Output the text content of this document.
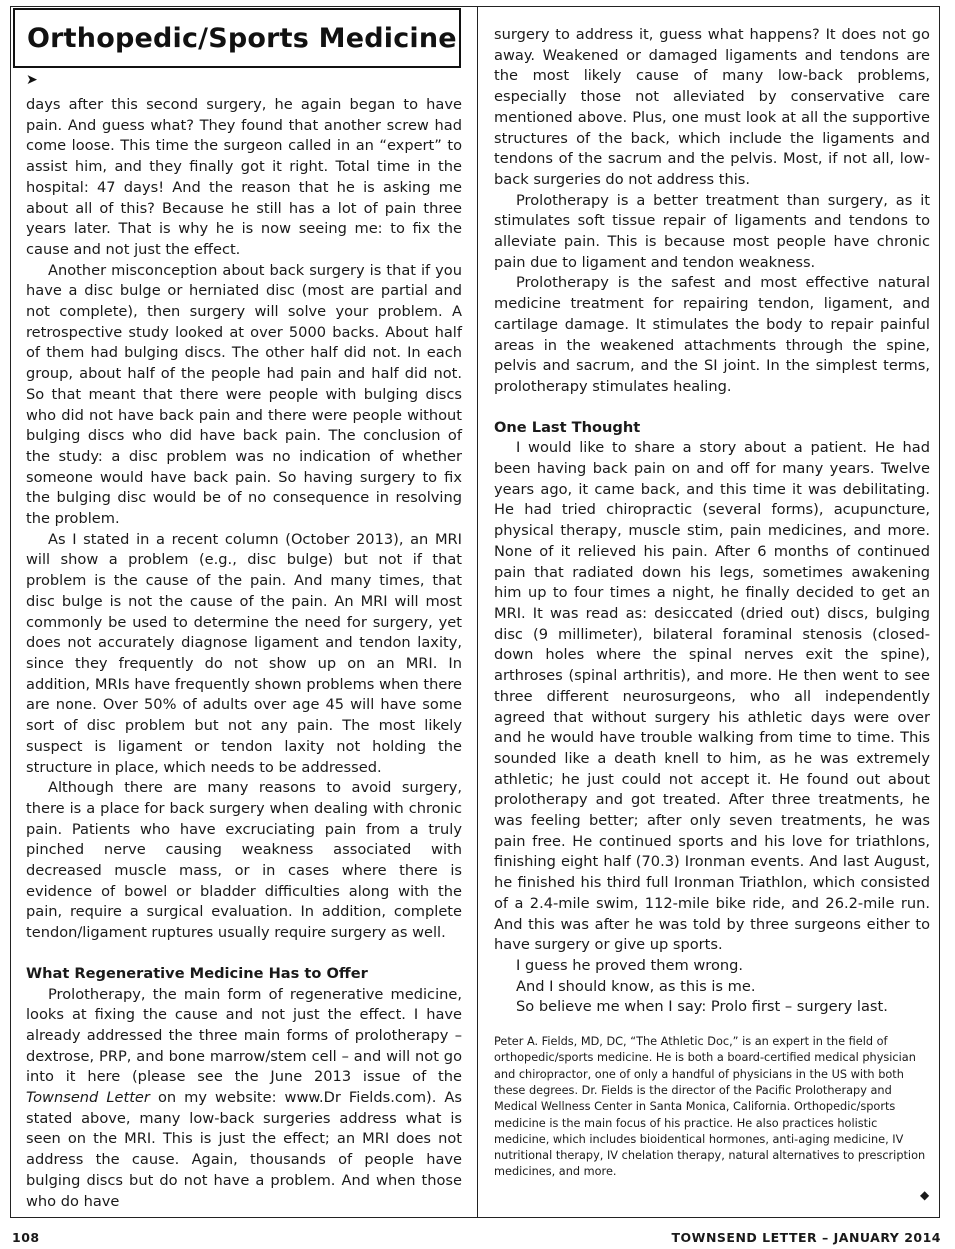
Orthopedic/Sports Medicine
➤

days after this second surgery, he again began to have pain. And guess what? They found that another screw had come loose. This time the surgeon called in an “expert” to assist him, and they finally got it right. Total time in the hospital: 47 days! And the reason that he is asking me about all of this? Because he still has a lot of pain three years later. That is why he is now seeing me: to fix the cause and not just the effect.

Another misconception about back surgery is that if you have a disc bulge or herniated disc (most are partial and not complete), then surgery will solve your problem. A retrospective study looked at over 5000 backs. About half of them had bulging discs. The other half did not. In each group, about half of the people had pain and half did not. So that meant that there were people with bulging discs who did not have back pain and there were people without bulging discs who did have back pain. The conclusion of the study: a disc problem was no indication of whether someone would have back pain. So having surgery to fix the bulging disc would be of no consequence in resolving the problem.

As I stated in a recent column (October 2013), an MRI will show a problem (e.g., disc bulge) but not if that problem is the cause of the pain. And many times, that disc bulge is not the cause of the pain. An MRI will most commonly be used to determine the need for surgery, yet does not accurately diagnose ligament and tendon laxity, since they frequently do not show up on an MRI. In addition, MRIs have frequently shown problems when there are none. Over 50% of adults over age 45 will have some sort of disc problem but not any pain. The most likely suspect is ligament or tendon laxity not holding the structure in place, which needs to be addressed.

Although there are many reasons to avoid surgery, there is a place for back surgery when dealing with chronic pain. Patients who have excruciating pain from a truly pinched nerve causing weakness associated with decreased muscle mass, or in cases where there is evidence of bowel or bladder difficulties along with the pain, require a surgical evaluation. In addition, complete tendon/ligament ruptures usually require surgery as well.

What Regenerative Medicine Has to Offer

Prolotherapy, the main form of regenerative medicine, looks at fixing the cause and not just the effect. I have already addressed the three main forms of prolotherapy – dextrose, PRP, and bone marrow/stem cell – and will not go into it here (please see the June 2013 issue of the Townsend Letter on my website: www.Dr Fields.com). As stated above, many low-back surgeries address what is seen on the MRI. This is just the effect; an MRI does not address the cause. Again, thousands of people have bulging discs but do not have a problem. And when those who do have

surgery to address it, guess what happens? It does not go away. Weakened or damaged ligaments and tendons are the most likely cause of many low-back problems, especially those not alleviated by conservative care mentioned above. Plus, one must look at all the supportive structures of the back, which include the ligaments and tendons of the sacrum and the pelvis. Most, if not all, low-back surgeries do not address this.

Prolotherapy is a better treatment than surgery, as it stimulates soft tissue repair of ligaments and tendons to alleviate pain. This is because most people have chronic pain due to ligament and tendon weakness.

Prolotherapy is the safest and most effective natural medicine treatment for repairing tendon, ligament, and cartilage damage. It stimulates the body to repair painful areas in the weakened attachments through the spine, pelvis and sacrum, and the SI joint. In the simplest terms, prolotherapy stimulates healing.

One Last Thought

I would like to share a story about a patient. He had been having back pain on and off for many years. Twelve years ago, it came back, and this time it was debilitating. He had tried chiropractic (several forms), acupuncture, physical therapy, muscle stim, pain medicines, and more. None of it relieved his pain. After 6 months of continued pain that radiated down his legs, sometimes awakening him up to four times a night, he finally decided to get an MRI. It was read as: desiccated (dried out) discs, bulging disc (9 millimeter), bilateral foraminal stenosis (closed-down holes where the spinal nerves exit the spine), arthroses (spinal arthritis), and more. He then went to see three different neurosurgeons, who all independently agreed that without surgery his athletic days were over and he would have trouble walking from time to time. This sounded like a death knell to him, as he was extremely athletic; he just could not accept it. He found out about prolotherapy and got treated. After three treatments, he was feeling better; after only seven treatments, he was pain free. He continued sports and his love for triathlons, finishing eight half (70.3) Ironman events. And last August, he finished his third full Ironman Triathlon, which consisted of a 2.4-mile swim, 112-mile bike ride, and 26.2-mile run. And this was after he was told by three surgeons either to have surgery or give up sports.

I guess he proved them wrong.

And I should know, as this is me.

So believe me when I say: Prolo first – surgery last.

Peter A. Fields, MD, DC, “The Athletic Doc,” is an expert in the field of orthopedic/sports medicine. He is both a board-certified medical physician and chiropractor, one of only a handful of physicians in the US with both these degrees. Dr. Fields is the director of the Pacific Prolotherapy and Medical Wellness Center in Santa Monica, California. Orthopedic/sports medicine is the main focus of his practice. He also practices holistic medicine, which includes bioidentical hormones, anti-aging medicine, IV nutritional therapy, IV chelation therapy, natural alternatives to prescription medicines, and more.

◆
108	TOWNSEND LETTER – JANUARY 2014
